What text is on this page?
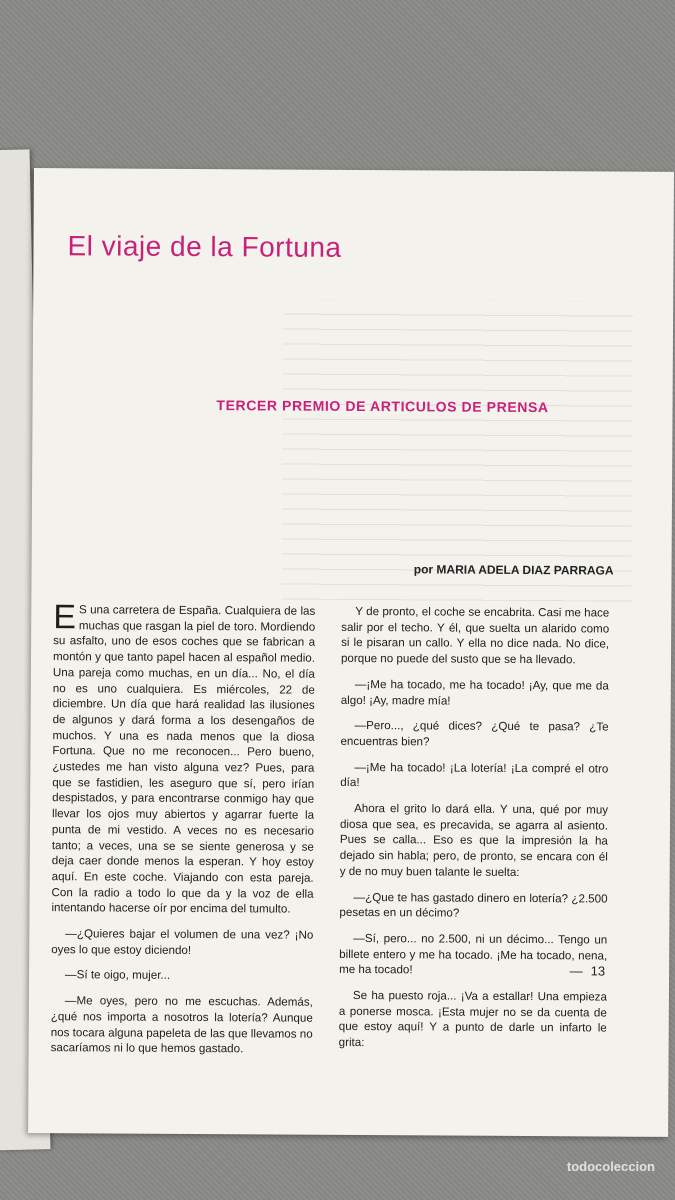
El viaje de la Fortuna
TERCER PREMIO DE ARTICULOS DE PRENSA

por MARIA ADELA DIAZ PARRAGA

E S una carretera de España. Cualquiera de las muchas que rasgan la piel de toro. Mordiendo su asfalto, uno de esos coches que se fabrican a montón y que tanto papel hacen al español medio. Una pareja como muchas, en un día... No, el día no es uno cualquiera. Es miércoles, 22 de diciembre. Un día que hará realidad las ilusiones de algunos y dará forma a los desengaños de muchos. Y una es nada menos que la diosa Fortuna. Que no me reconocen... Pero bueno, ¿ustedes me han visto alguna vez? Pues, para que se fastidien, les aseguro que sí, pero irían despistados, y para encontrarse conmigo hay que llevar los ojos muy abiertos y agarrar fuerte la punta de mi vestido. A veces no es necesario tanto; a veces, una se se siente generosa y se deja caer donde menos la esperan. Y hoy estoy aquí. En este coche. Viajando con esta pareja. Con la radio a todo lo que da y la voz de ella intentando hacerse oír por encima del tumulto.

—¿Quieres bajar el volumen de una vez? ¡No oyes lo que estoy diciendo!

—Sí te oigo, mujer...

—Me oyes, pero no me escuchas. Además, ¿qué nos importa a nosotros la lotería? Aunque nos tocara alguna papeleta de las que llevamos no sacaríamos ni lo que hemos gastado.

Y de pronto, el coche se encabrita. Casi me hace salir por el techo. Y él, que suelta un alarido como si le pisaran un callo. Y ella no dice nada. No dice, porque no puede del susto que se ha llevado.

—¡Me ha tocado, me ha tocado! ¡Ay, que me da algo! ¡Ay, madre mía!

—Pero..., ¿qué dices? ¿Qué te pasa? ¿Te encuentras bien?

—¡Me ha tocado! ¡La lotería! ¡La compré el otro día!

Ahora el grito lo dará ella. Y una, qué por muy diosa que sea, es precavida, se agarra al asiento. Pues se calla... Eso es que la impresión la ha dejado sin habla; pero, de pronto, se encara con él y de no muy buen talante le suelta:

—¿Que te has gastado dinero en lotería? ¿2.500 pesetas en un décimo?

—Sí, pero... no 2.500, ni un décimo... Tengo un billete entero y me ha tocado. ¡Me ha tocado, nena, me ha tocado!

Se ha puesto roja... ¡Va a estallar! Una empieza a ponerse mosca. ¡Esta mujer no se da cuenta de que estoy aquí! Y a punto de darle un infarto le grita:

— 13

todocoleccion
